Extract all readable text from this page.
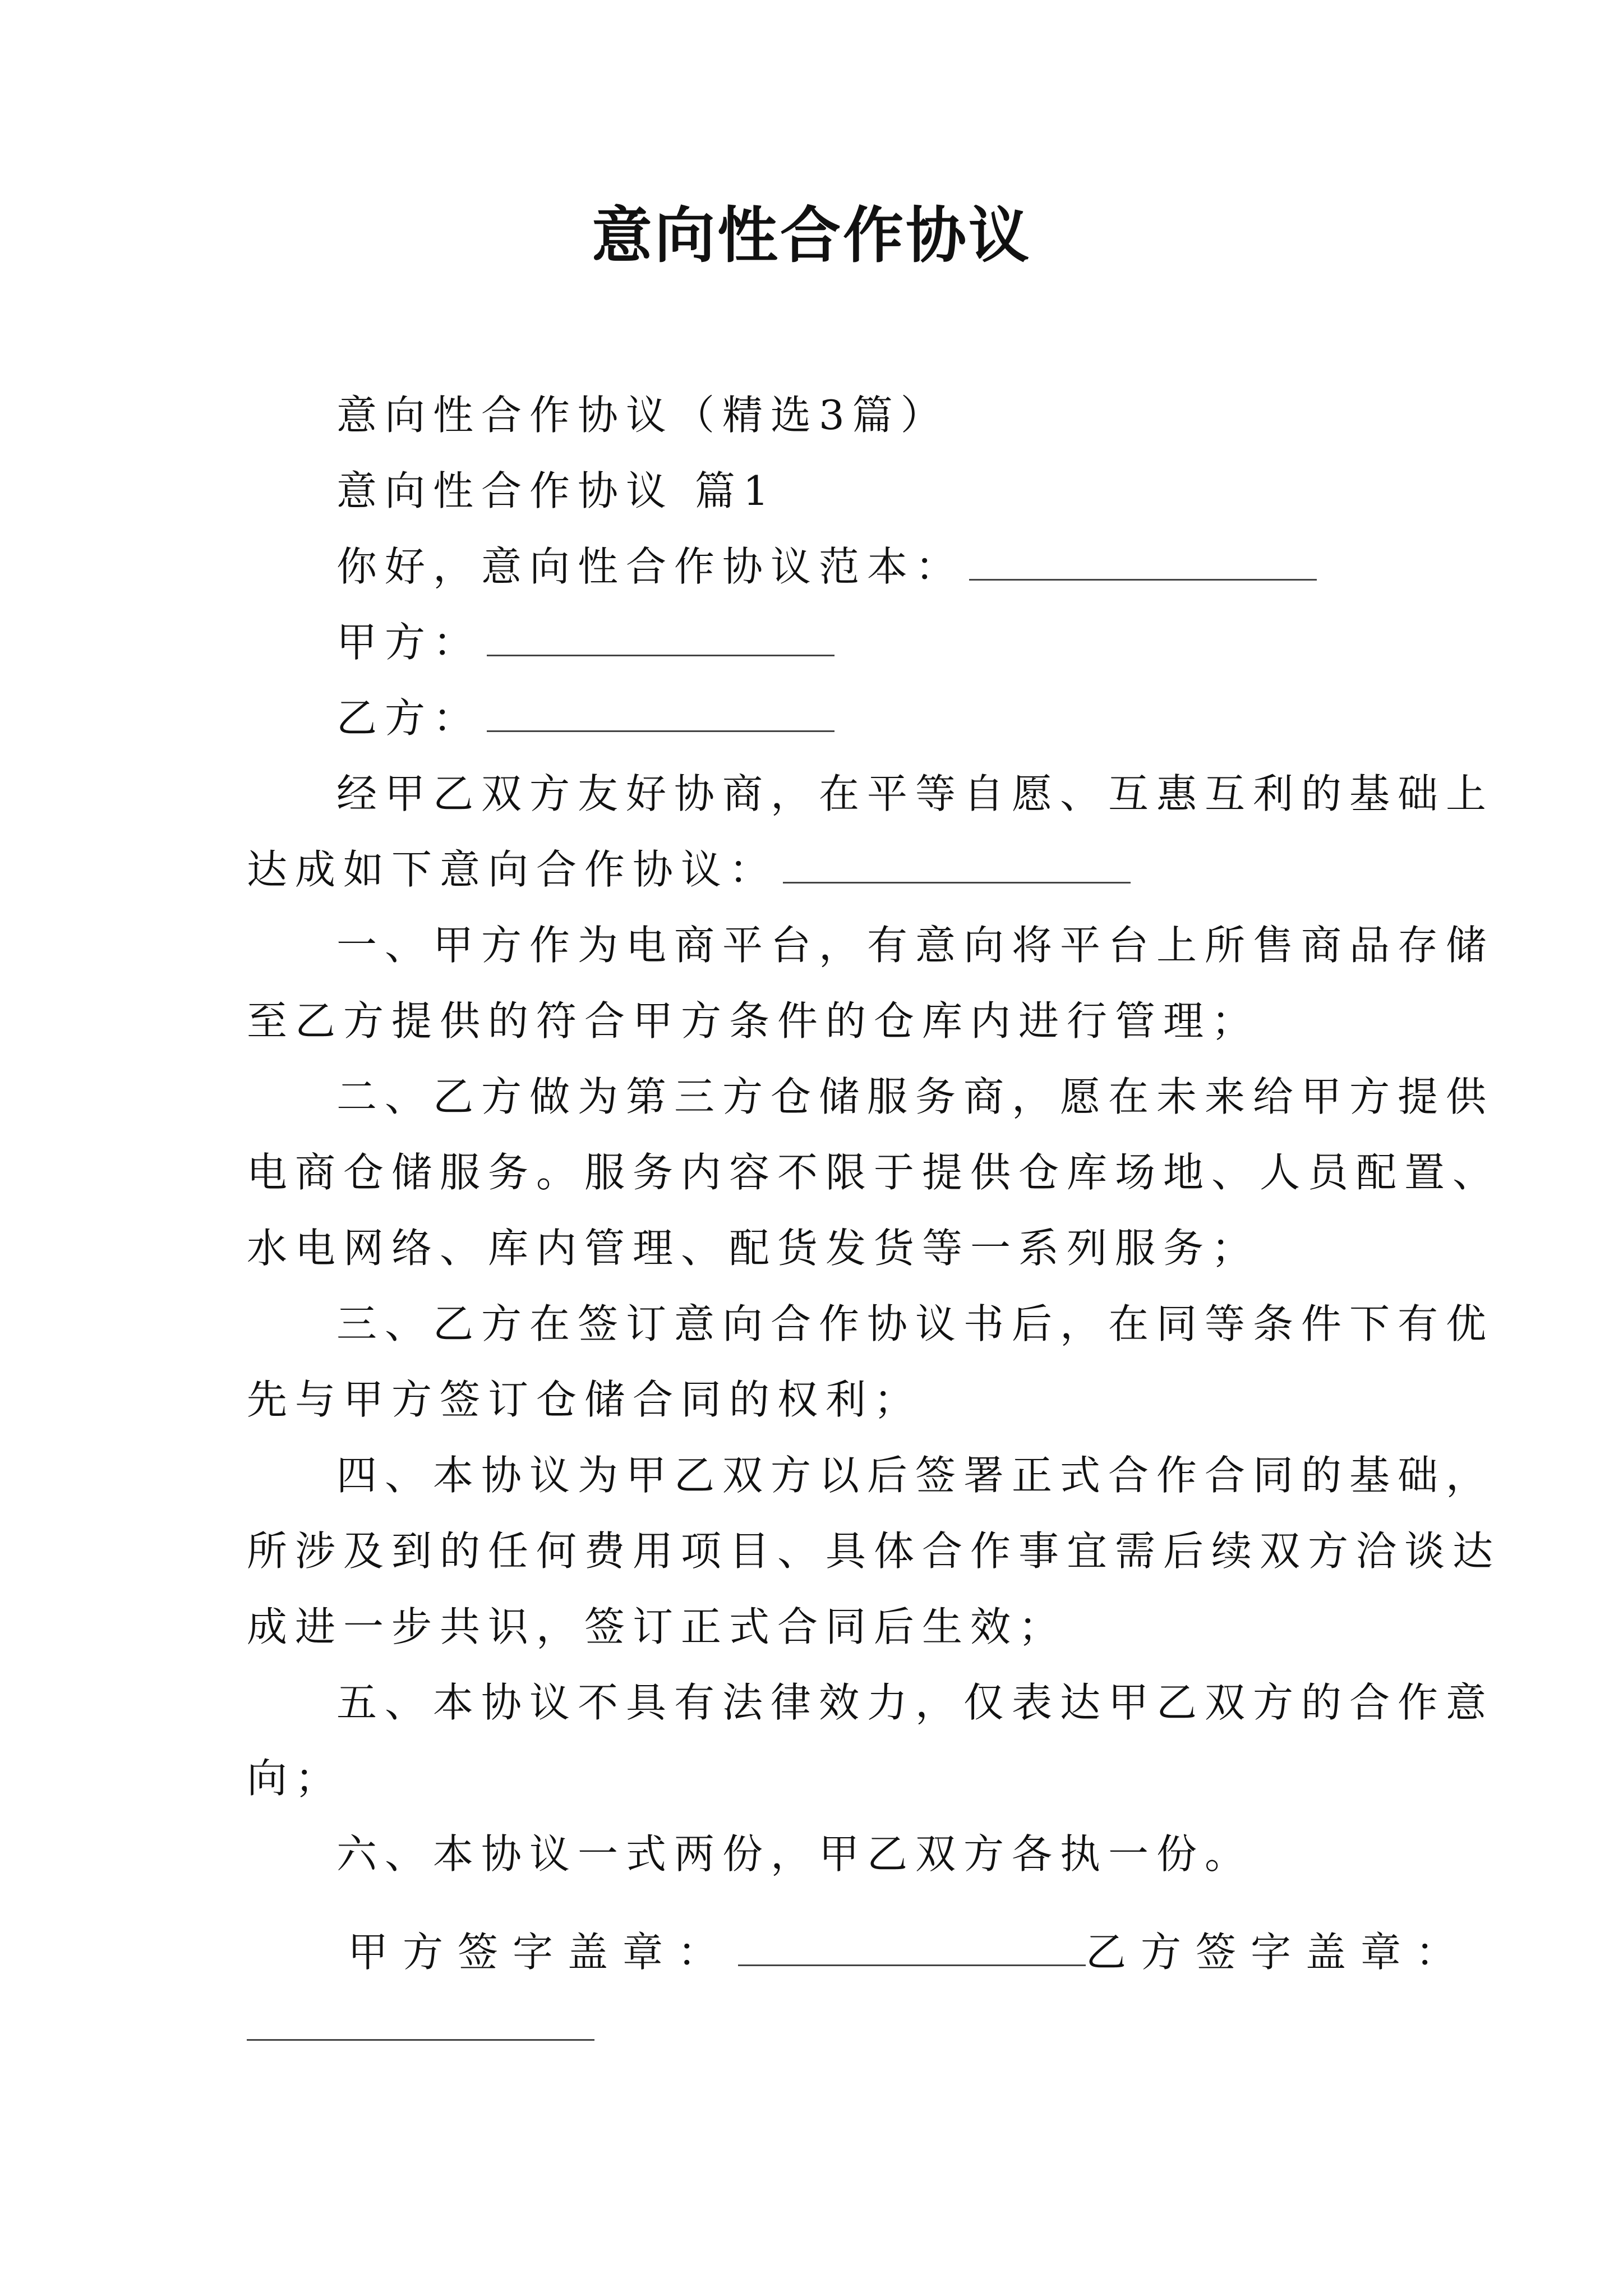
意向性合作协议
意向性合作协议（精选3篇）
意向性合作协议 篇1
你好，意向性合作协议范本：
甲方：
乙方：
经甲乙双方友好协商，在平等自愿、互惠互利的基础上
达成如下意向合作协议：
一、甲方作为电商平台，有意向将平台上所售商品存储
至乙方提供的符合甲方条件的仓库内进行管理；
二、乙方做为第三方仓储服务商，愿在未来给甲方提供
电商仓储服务。服务内容不限于提供仓库场地、人员配置、
水电网络、库内管理、配货发货等一系列服务；
三、乙方在签订意向合作协议书后，在同等条件下有优
先与甲方签订仓储合同的权利；
四、本协议为甲乙双方以后签署正式合作合同的基础，
所涉及到的任何费用项目、具体合作事宜需后续双方洽谈达
成进一步共识，签订正式合同后生效；
五、本协议不具有法律效力，仅表达甲乙双方的合作意
向；
六、本协议一式两份，甲乙双方各执一份。
甲方签字盖章：	乙方签字盖章：
